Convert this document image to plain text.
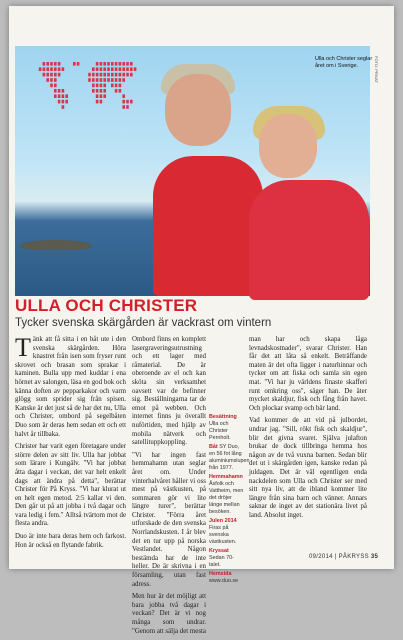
Ulla och Christer seglar året om i Sverige.	FOTO: PRIVAT
ULLA OCH CHRISTER

Tycker svenska skärgården är vackrast om vintern

Tänk att få sitta i en båt ute i den svenska skärgården. Höra knastret från isen som fryser runt skrovet och brasan som sprakar i kaminen. Bulla upp med kuddar i ena hörnet av salongen, läsa en god bok och känna doften av pepparkakor och varm glögg som sprider sig från spisen. Kanske är det just så de har det nu, Ulla och Christer, ombord på segelbåten Duo som är deras hem sedan ett och ett halvt år tillbaka.

Christer har varit egen företagare under större delen av sitt liv. Ulla har jobbat som lärare i Kungälv. "Vi har jobbat åtta dagar i veckan, det var helt enkelt dags att ändra på detta", berättar Christer för På Kryss. "Vi har klurat ut en helt egen metod. 2:5 kallar vi den. Den går ut på att jobba i två dagar och vara ledig i fem." Alltså tvärtom mot de flesta andra.

Duo är inte bara deras hem och farkost. Hon är också en flytande fabrik.

Ombord finns en komplett lasergraveringsutrustning och ett lager med råmaterial. De är oberoende av el och kan sköta sin verksamhet oavsett var de befinner sig. Beställningarna tar de emot på webben. Och internet finns ju överallt nuförtiden, med hjälp av mobila nätverk och satellituppkoppling.

"Vi har ingen fast hemmahamn utan seglar året om. Under vinterhalvåret håller vi oss mest på västkusten, på sommaren gör vi lite längre turer", berättar Christer. "Förra året utforskade de den svenska Norrlandskusten. I år blev det en tur upp på norska Vestlandet. Någon bestämda har de inte heller. De är skrivna i en församling, utan fast adress.

Men hur är det möjligt att bara jobba två dagar i veckan? Det är vi nog många som undrar. "Genom att sälja det mesta

man har och skapa låga levnadskostnader", svarar Christer. Han får det att låta så enkelt. Beträffande maten är det ofta ligger i naturhinnar och tycker om att fiska och samla sin egen mat. "Vi har ju världens finaste skafferi runt omkring oss", säger han. De äter mycket skaldjur, fisk och fång från havet. Och plockar svamp och bär land.

Vad kommer de att vid på julbordet, undrar jag. "Sill, rökt fisk och skaldjur", blir det givna svaret. Själva julafton brukar de dock tillbringa hemma hos någon av de två vuxna barnen. Sedan blir det ut i skärgården igen, kanske redan på juldagen. Det är väl egentligen enda nackdelen som Ulla och Christer ser med sitt nya liv, att de ibland kommer lite längre från sina barn och vänner. Annars saknar de inget av det stationära livet på land. Absolut inget.

Besättning Ulla och Christer Pernholt.

Båt SY Duo, en 56 fot lång aluminiumslupen från 1977.

Hemmahamn Åsfolk och Vattheim, men det dröjer länge mellan besöken.

Julen 2014 Firas på svenska västkusten.

Kryssat Sedan 70-talet.

Hemsida www.duo.se

09/2014 | PÅKRYSS 35
